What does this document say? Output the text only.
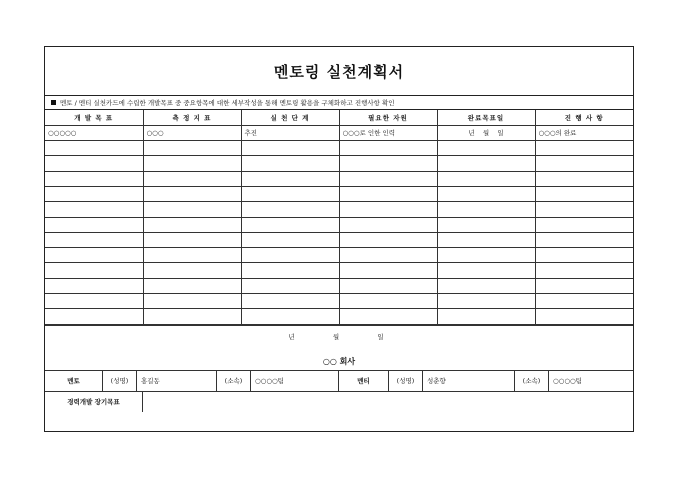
멘토링 실천계획서
멘토 / 멘티 실천카드에 수립한 개발목표 중 중요항목에 대한 세부작성을 통해 멘토링 활용을 구체화하고 진행사항 확인
개 발 목 표	측 정 지 표	실 천 단 계	필요한 자원	완료목표일	진 행 사 항
○○○○○	○○○	추진	○○○로 인한 인력	년    월    일	○○○의 완료

년    월    일
○○ 회사
멘토	(성명)	홍길동	(소속)	○○○○팀	멘티	(성명)	성춘향	(소속)	○○○○팀
경력개발 장기목표
